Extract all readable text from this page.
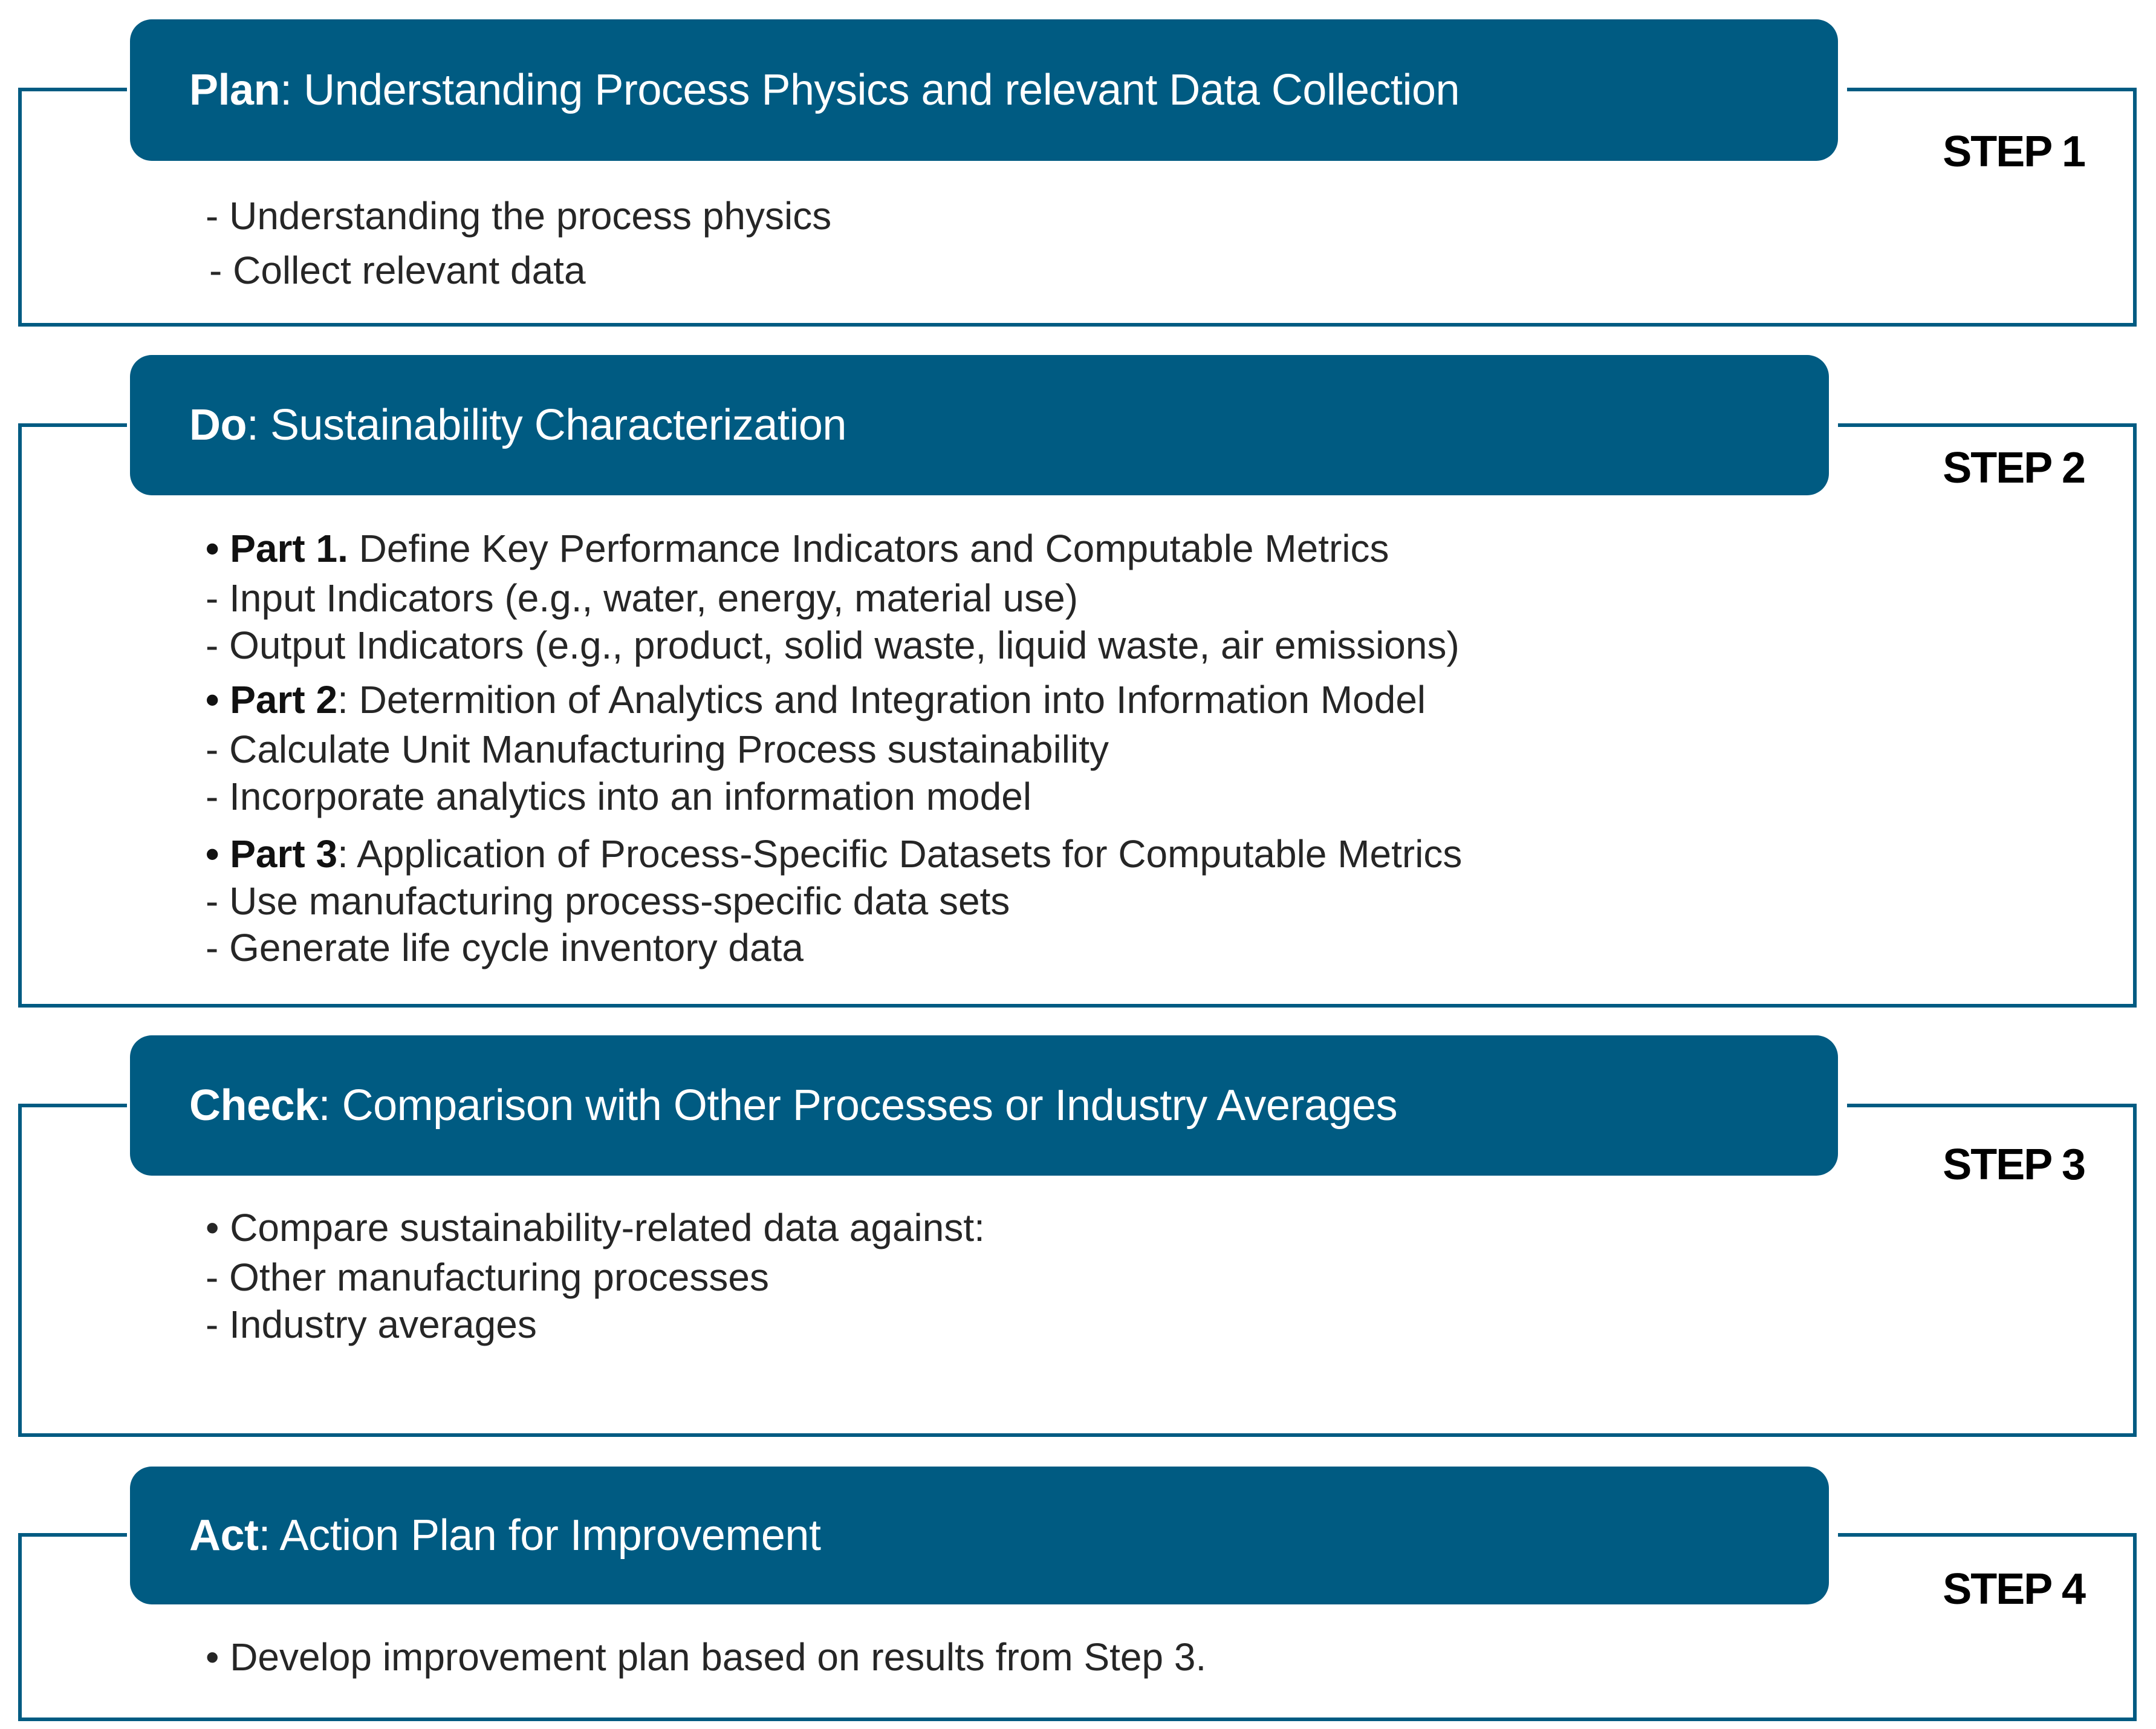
Plan : Understanding Process Physics and relevant Data Collection
STEP 1
- Understanding the process physics
- Collect relevant data
Do : Sustainability Characterization
STEP 2
• Part 1. Define Key Performance Indicators and Computable Metrics
- Input Indicators (e.g., water, energy, material use)
- Output Indicators (e.g., product, solid waste, liquid waste, air emissions)
• Part 2: Determition of Analytics and Integration into Information Model
- Calculate Unit Manufacturing Process sustainability
- Incorporate analytics into an information model
• Part 3: Application of Process-Specific Datasets for Computable Metrics
- Use manufacturing process-specific data sets
- Generate life cycle inventory data
Check : Comparison with Other Processes or Industry Averages
STEP 3
• Compare sustainability-related data against:
- Other manufacturing processes
- Industry averages
Act : Action Plan for Improvement
STEP 4
• Develop improvement plan based on results from Step 3.
